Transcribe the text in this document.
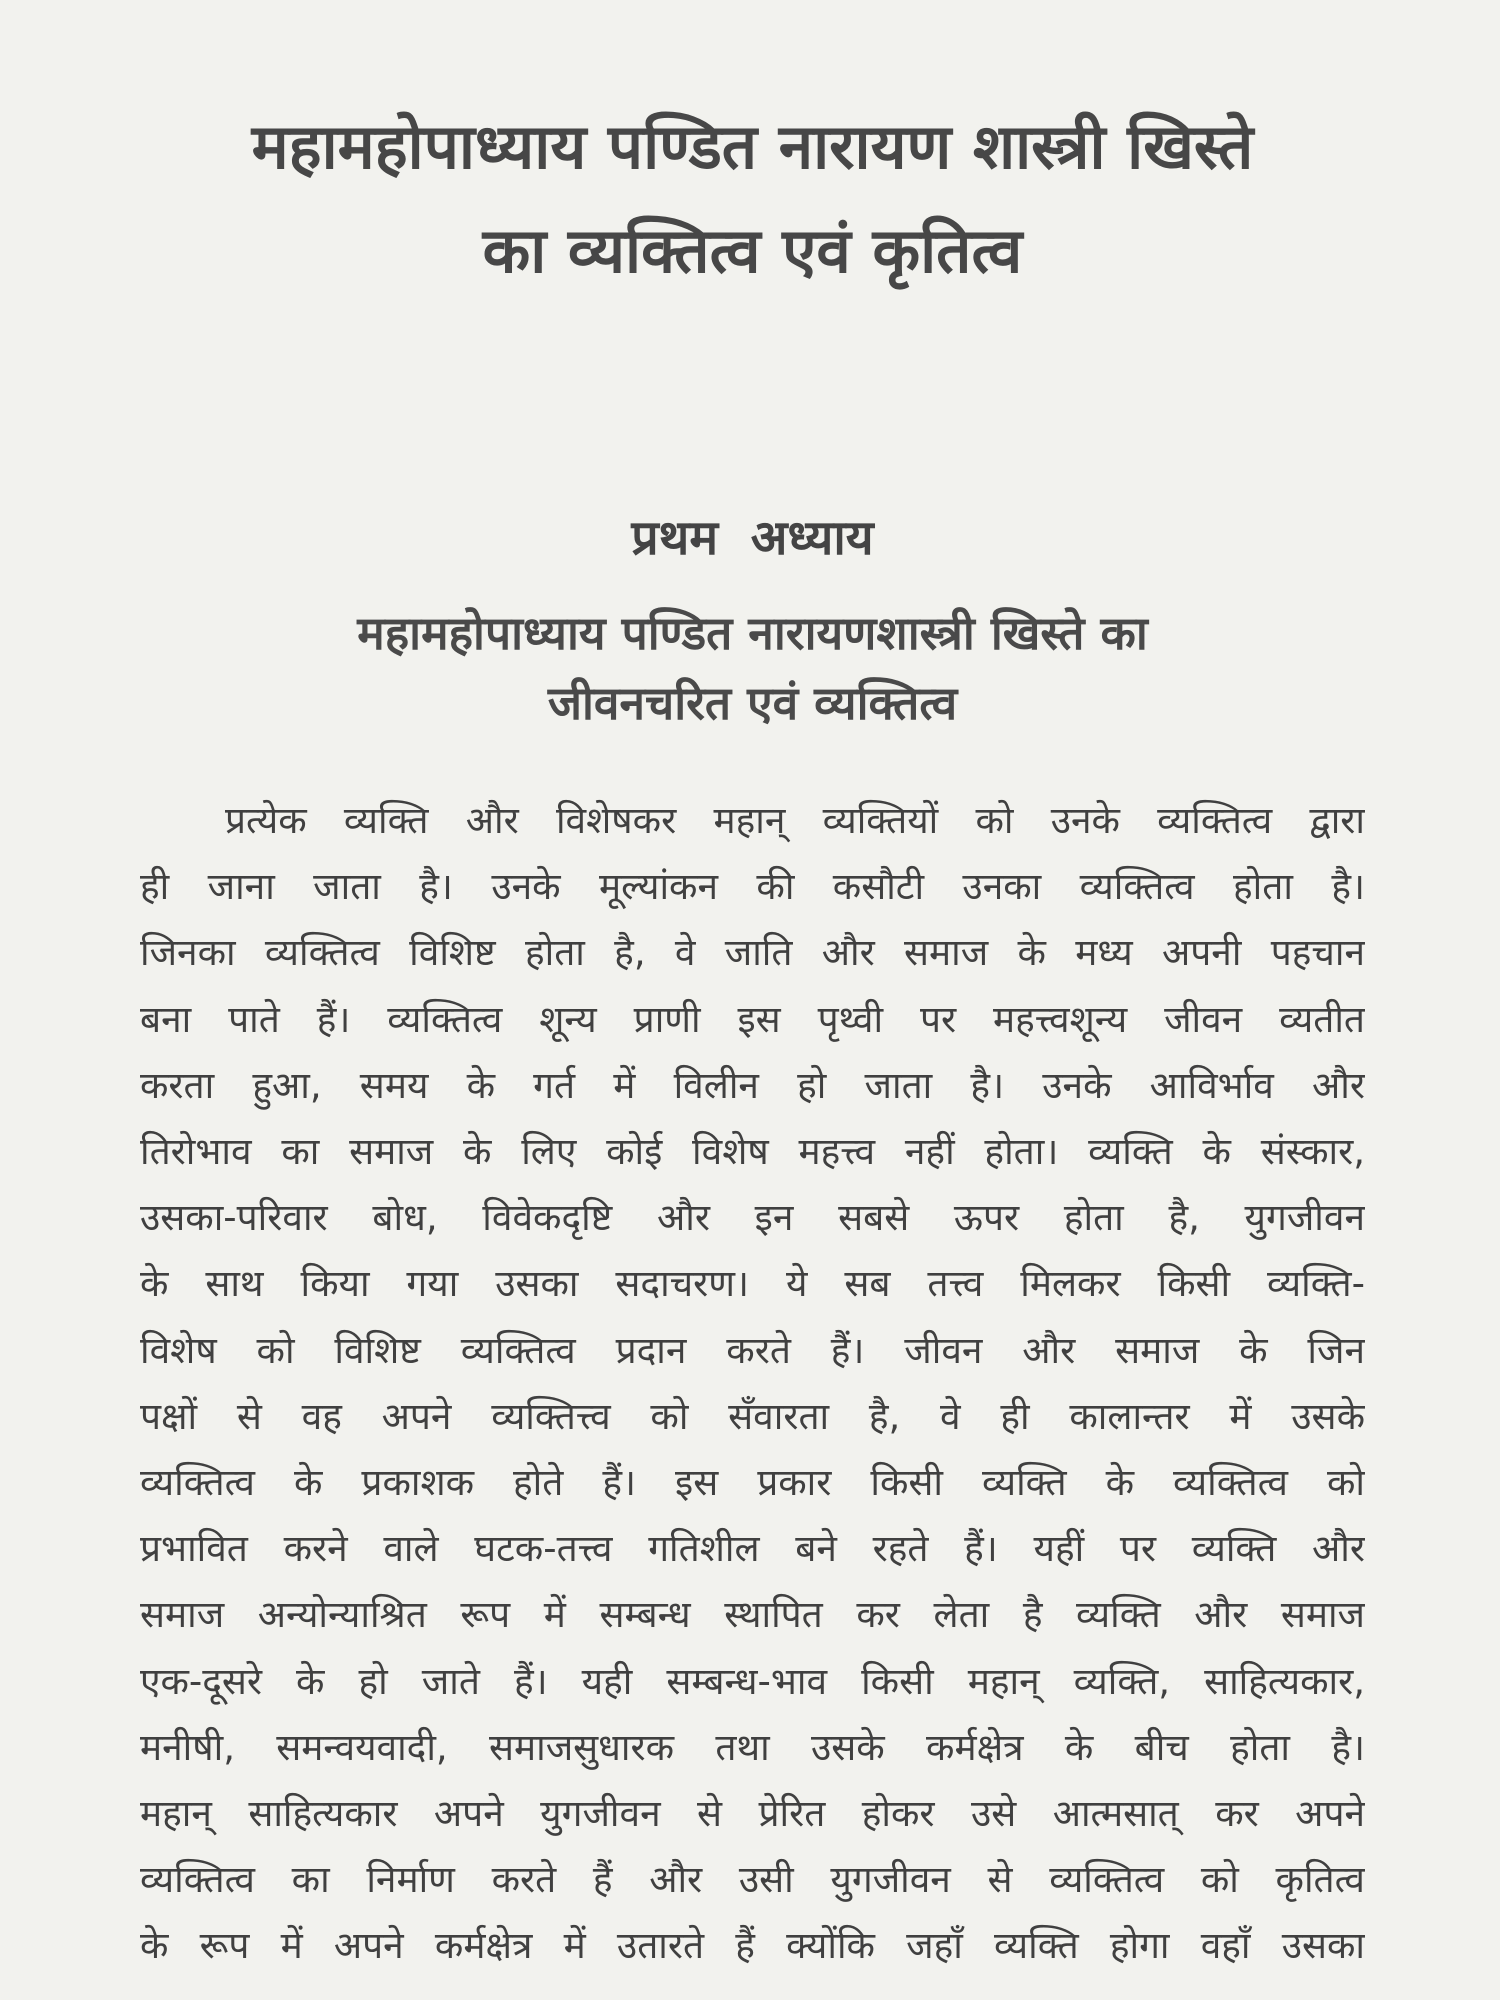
महामहोपाध्याय पण्डित नारायण शास्त्री खिस्ते
का व्यक्तित्व एवं कृतित्व
प्रथम अध्याय
महामहोपाध्याय पण्डित नारायणशास्त्री खिस्ते का
जीवनचरित एवं व्यक्तित्व
प्रत्येक व्यक्ति और विशेषकर महान् व्यक्तियों को उनके व्यक्तित्व द्वारा
ही जाना जाता है। उनके मूल्यांकन की कसौटी उनका व्यक्तित्व होता है।
जिनका व्यक्तित्व विशिष्ट होता है, वे जाति और समाज के मध्य अपनी पहचान
बना पाते हैं। व्यक्तित्व शून्य प्राणी इस पृथ्वी पर महत्त्वशून्य जीवन व्यतीत
करता हुआ, समय के गर्त में विलीन हो जाता है। उनके आविर्भाव और
तिरोभाव का समाज के लिए कोई विशेष महत्त्व नहीं होता। व्यक्ति के संस्कार,
उसका-परिवार बोध, विवेकदृष्टि और इन सबसे ऊपर होता है, युगजीवन
के साथ किया गया उसका सदाचरण। ये सब तत्त्व मिलकर किसी व्यक्ति-
विशेष को विशिष्ट व्यक्तित्व प्रदान करते हैं। जीवन और समाज के जिन
पक्षों से वह अपने व्यक्तित्त्व को सँवारता है, वे ही कालान्तर में उसके
व्यक्तित्व के प्रकाशक होते हैं। इस प्रकार किसी व्यक्ति के व्यक्तित्व को
प्रभावित करने वाले घटक-तत्त्व गतिशील बने रहते हैं। यहीं पर व्यक्ति और
समाज अन्योन्याश्रित रूप में सम्बन्ध स्थापित कर लेता है व्यक्ति और समाज
एक-दूसरे के हो जाते हैं। यही सम्बन्ध-भाव किसी महान् व्यक्ति, साहित्यकार,
मनीषी, समन्वयवादी, समाजसुधारक तथा उसके कर्मक्षेत्र के बीच होता है।
महान् साहित्यकार अपने युगजीवन से प्रेरित होकर उसे आत्मसात् कर अपने
व्यक्तित्व का निर्माण करते हैं और उसी युगजीवन से व्यक्तित्व को कृतित्व
के रूप में अपने कर्मक्षेत्र में उतारते हैं क्योंकि जहाँ व्यक्ति होगा वहाँ उसका
